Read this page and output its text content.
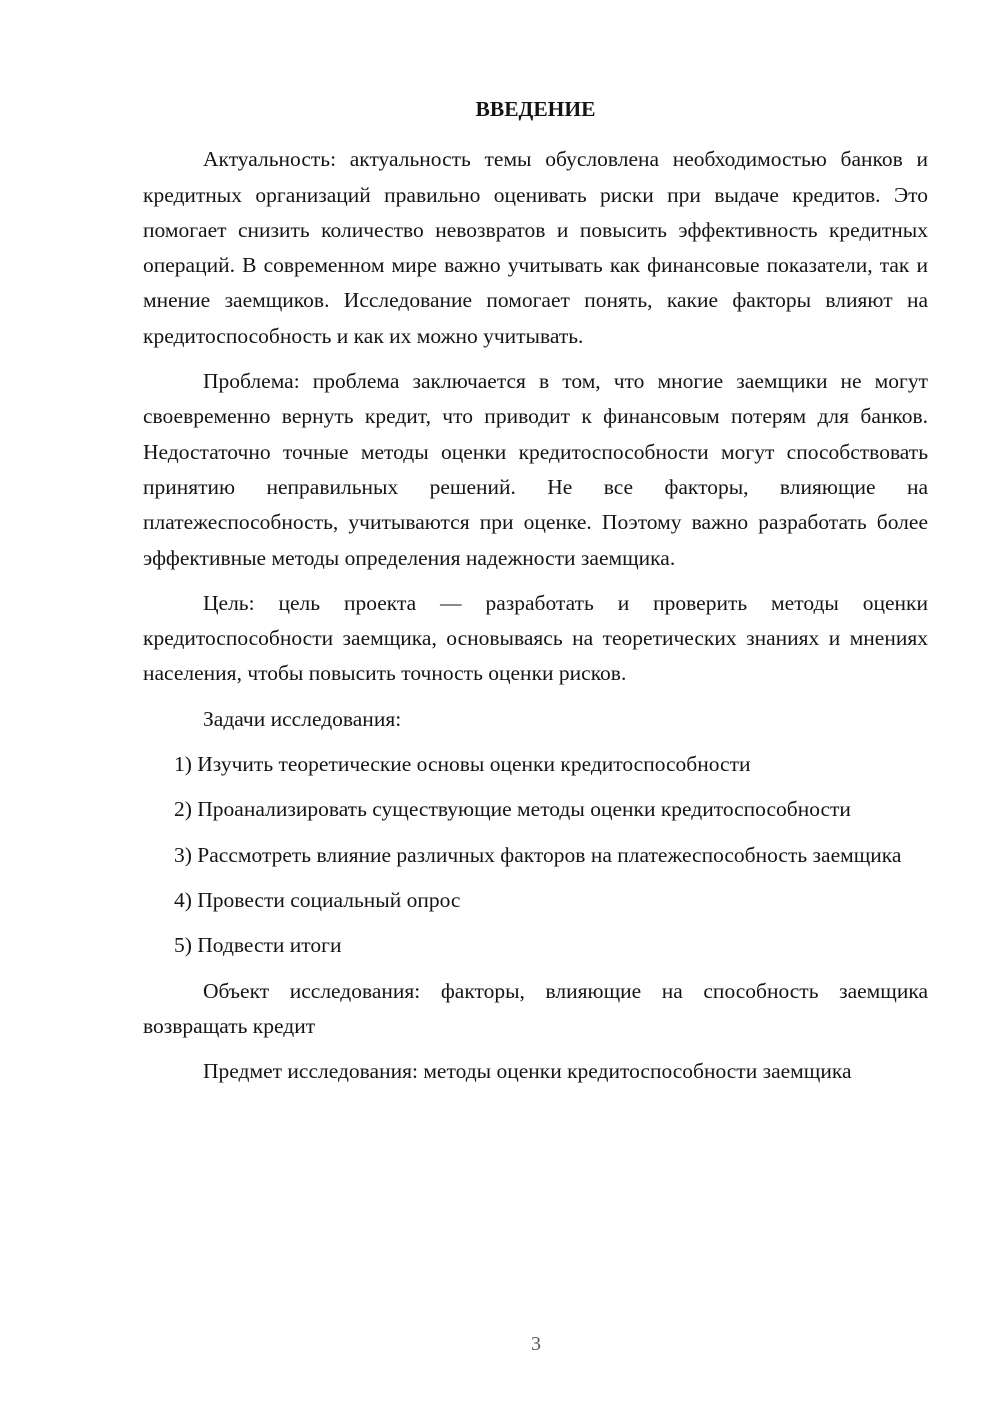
ВВЕДЕНИЕ

Актуальность: актуальность темы обусловлена необходимостью банков и кредитных организаций правильно оценивать риски при выдаче кредитов. Это помогает снизить количество невозвратов и повысить эффективность кредитных операций. В современном мире важно учитывать как финансовые показатели, так и мнение заемщиков. Исследование помогает понять, какие факторы влияют на кредитоспособность и как их можно учитывать.

Проблема: проблема заключается в том, что многие заемщики не могут своевременно вернуть кредит, что приводит к финансовым потерям для банков. Недостаточно точные методы оценки кредитоспособности могут способствовать принятию неправильных решений. Не все факторы, влияющие на платежеспособность, учитываются при оценке. Поэтому важно разработать более эффективные методы определения надежности заемщика.

Цель: цель проекта — разработать и проверить методы оценки кредитоспособности заемщика, основываясь на теоретических знаниях и мнениях населения, чтобы повысить точность оценки рисков.

Задачи исследования:

1) Изучить теоретические основы оценки кредитоспособности

2) Проанализировать существующие методы оценки кредитоспособности

3) Рассмотреть влияние различных факторов на платежеспособность заемщика

4) Провести социальный опрос

5) Подвести итоги

Объект исследования: факторы, влияющие на способность заемщика возвращать кредит

Предмет исследования: методы оценки кредитоспособности заемщика

3
